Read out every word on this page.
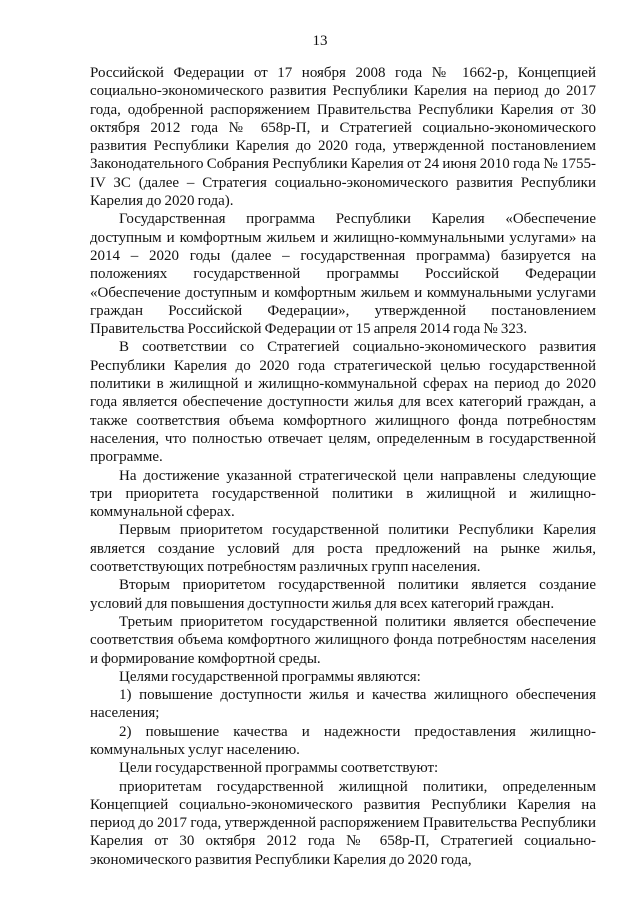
13

Российской Федерации от 17 ноября 2008 года № 1662-р, Концепцией социально-экономического развития Республики Карелия на период до 2017 года, одобренной распоряжением Правительства Республики Карелия от 30 октября 2012 года № 658р-П, и Стратегией социально-экономического развития Республики Карелия до 2020 года, утвержденной постановлением Законодательного Собрания Республики Карелия от 24 июня 2010 года № 1755-IV ЗС (далее – Стратегия социально-экономического развития Республики Карелия до 2020 года).

Государственная программа Республики Карелия «Обеспечение доступным и комфортным жильем и жилищно-коммунальными услугами» на 2014 – 2020 годы (далее – государственная программа) базируется на положениях государственной программы Российской Федерации «Обеспечение доступным и комфортным жильем и коммунальными услугами граждан Российской Федерации», утвержденной постановлением Правительства Российской Федерации от 15 апреля 2014 года № 323.

В соответствии со Стратегией социально-экономического развития Республики Карелия до 2020 года стратегической целью государственной политики в жилищной и жилищно-коммунальной сферах на период до 2020 года является обеспечение доступности жилья для всех категорий граждан, а также соответствия объема комфортного жилищного фонда потребностям населения, что полностью отвечает целям, определенным в государственной программе.

На достижение указанной стратегической цели направлены следующие три приоритета государственной политики в жилищной и жилищно-коммунальной сферах.

Первым приоритетом государственной политики Республики Карелия является создание условий для роста предложений на рынке жилья, соответствующих потребностям различных групп населения.

Вторым приоритетом государственной политики является создание условий для повышения доступности жилья для всех категорий граждан.

Третьим приоритетом государственной политики является обеспечение соответствия объема комфортного жилищного фонда потребностям населения и формирование комфортной среды.

Целями государственной программы являются:

1) повышение доступности жилья и качества жилищного обеспечения населения;

2) повышение качества и надежности предоставления жилищно-коммунальных услуг населению.

Цели государственной программы соответствуют:

приоритетам государственной жилищной политики, определенным Концепцией социально-экономического развития Республики Карелия на период до 2017 года, утвержденной распоряжением Правительства Республики Карелия от 30 октября 2012 года № 658р-П, Стратегией социально-экономического развития Республики Карелия до 2020 года,
